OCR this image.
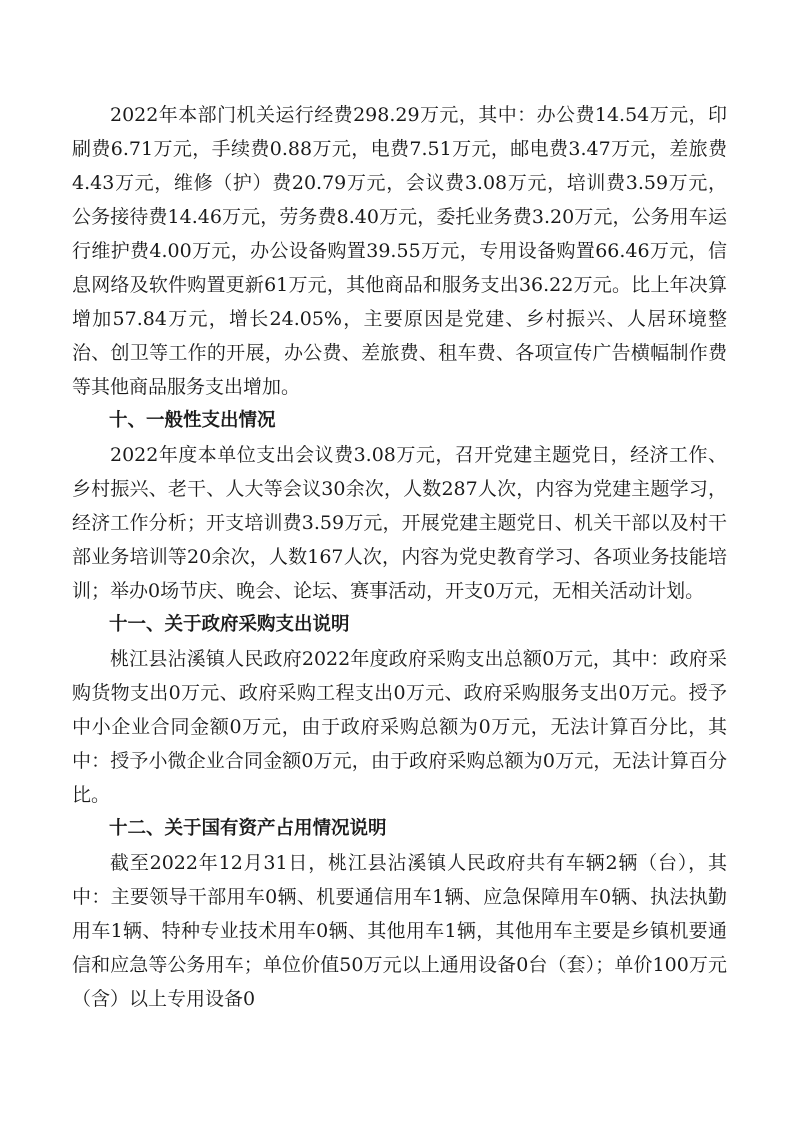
2022年本部门机关运行经费298.29万元，其中：办公费14.54万元，印刷费6.71万元，手续费0.88万元，电费7.51万元，邮电费3.47万元，差旅费4.43万元，维修（护）费20.79万元，会议费3.08万元，培训费3.59万元，公务接待费14.46万元，劳务费8.40万元，委托业务费3.20万元，公务用车运行维护费4.00万元，办公设备购置39.55万元，专用设备购置66.46万元，信息网络及软件购置更新61万元，其他商品和服务支出36.22万元。比上年决算增加57.84万元，增长24.05%，主要原因是党建、乡村振兴、人居环境整治、创卫等工作的开展，办公费、差旅费、租车费、各项宣传广告横幅制作费等其他商品服务支出增加。

十、一般性支出情况

2022年度本单位支出会议费3.08万元，召开党建主题党日，经济工作、乡村振兴、老干、人大等会议30余次，人数287人次，内容为党建主题学习，经济工作分析；开支培训费3.59万元，开展党建主题党日、机关干部以及村干部业务培训等20余次，人数167人次，内容为党史教育学习、各项业务技能培训；举办0场节庆、晚会、论坛、赛事活动，开支0万元，无相关活动计划。

十一、关于政府采购支出说明

桃江县沾溪镇人民政府2022年度政府采购支出总额0万元，其中：政府采购货物支出0万元、政府采购工程支出0万元、政府采购服务支出0万元。授予中小企业合同金额0万元，由于政府采购总额为0万元，无法计算百分比，其中：授予小微企业合同金额0万元，由于政府采购总额为0万元，无法计算百分比。

十二、关于国有资产占用情况说明

截至2022年12月31日，桃江县沾溪镇人民政府共有车辆2辆（台），其中：主要领导干部用车0辆、机要通信用车1辆、应急保障用车0辆、执法执勤用车1辆、特种专业技术用车0辆、其他用车1辆，其他用车主要是乡镇机要通信和应急等公务用车；单位价值50万元以上通用设备0台（套）；单价100万元（含）以上专用设备0
